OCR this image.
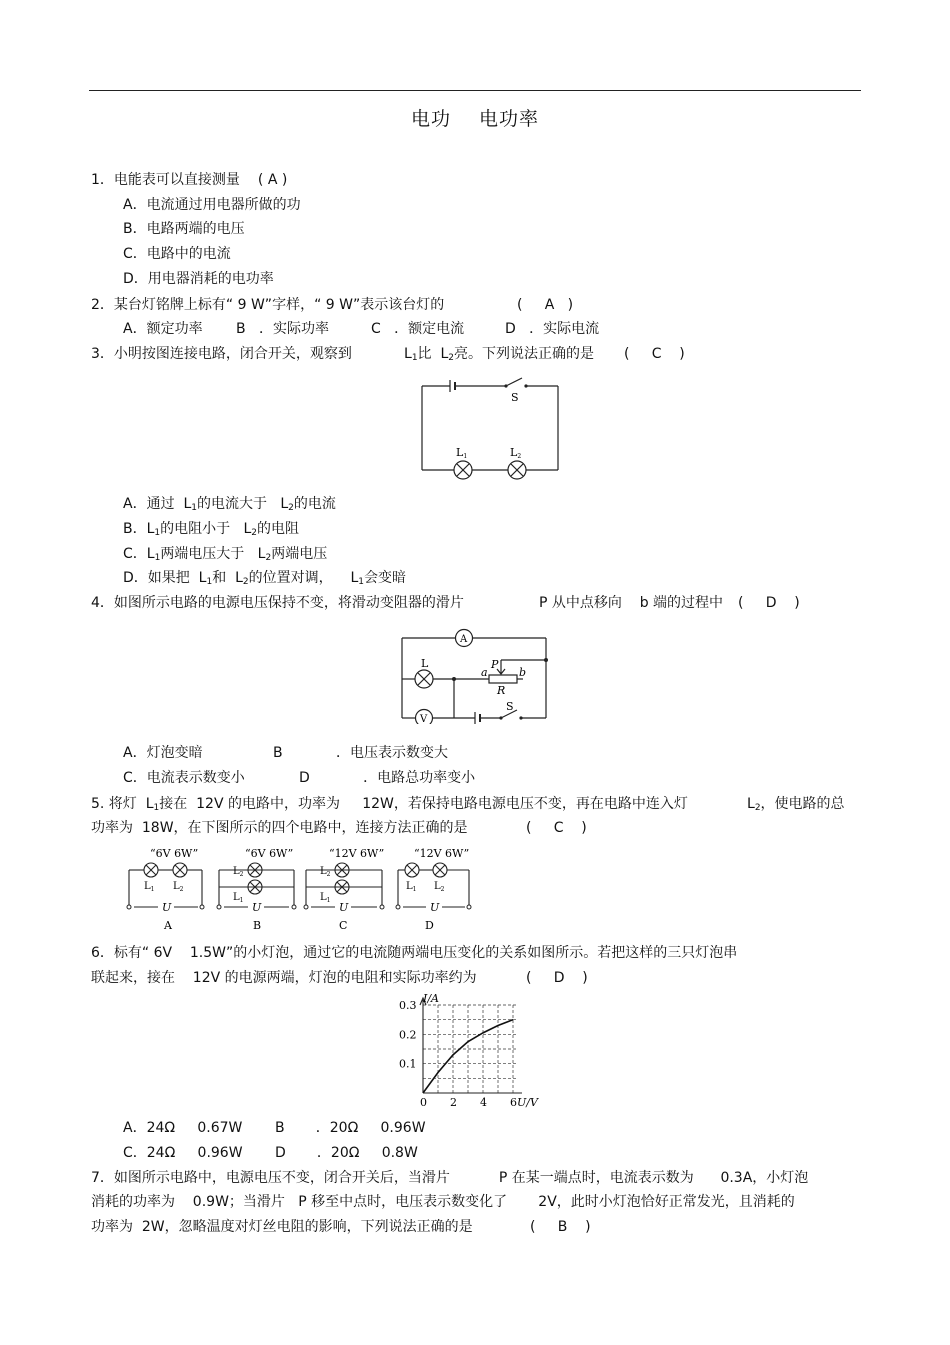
电功 电功率
1．电能表可以直接测量 ( A )
A．电流通过用电器所做的功
B．电路两端的电压
C．电路中的电流
D．用电器消耗的电功率
2．某台灯铭牌上标有“ 9 W”字样，“ 9 W”表示该台灯的	(     A   )
A．额定功率 B   ．实际功率	C   ．额定电流	D   ．实际电流
3．小明按图连接电路，闭合开关，观察到	$L_1$比  $L_2$亮。下列说法正确的是 (     C    )
S
L1	L2
A．通过  $L_1$的电流大于   $L_2$的电流
B．$L_1$的电阻小于   $L_2$的电阻
C．$L_1$两端电压大于   $L_2$两端电压
D．如果把  $L_1$和  $L_2$的位置对调，    $L_1$会变暗
4．如图所示电路的电源电压保持不变，将滑动变阻器的滑片	P 从中点移向    b 端的过程中 (     D    )
A
V
L
a
P
b
R
S
A．灯泡变暗	B            ．电压表示数变大
C．电流表示数变小	D            ．电路总功率变小
5. 将灯  $L_1$接在  12V 的电路中，功率为     12W，若保持电路电源电压不变，再在电路中连入灯	$L_2$，使电路的总
功率为  18W，在下图所示的四个电路中，连接方法正确的是	(     C    )
“6V 6W”	“6V 6W”	“12V 6W”	“12V 6W”
$L_1$ $L_2$
$L_2$
$L_1$
$L_2$
$L_1$
$L_1$ $L_2$
U	U	U	U
A	B	C	D
6．标有“ 6V    1.5W”的小灯泡，通过它的电流随两端电压变化的关系如图所示。若把这样的三只灯泡串
联起来，接在    12V 的电源两端，灯泡的电阻和实际功率约为	(     D    )
0 2 4 6
0.1
0.2
0.3
I/A
U/V
A．24Ω     0.67W B       ．20Ω     0.96W
C．24Ω     0.96W D       ．20Ω     0.8W
7．如图所示电路中，电源电压不变，闭合开关后，当滑片           P 在某一端点时，电流表示数为      0.3A，小灯泡
消耗的功率为    0.9W；当滑片   P 移至中点时，电压表示数变化了       2V，此时小灯泡恰好正常发光，且消耗的
功率为  2W，忽略温度对灯丝电阻的影响，下列说法正确的是	(     B    )
